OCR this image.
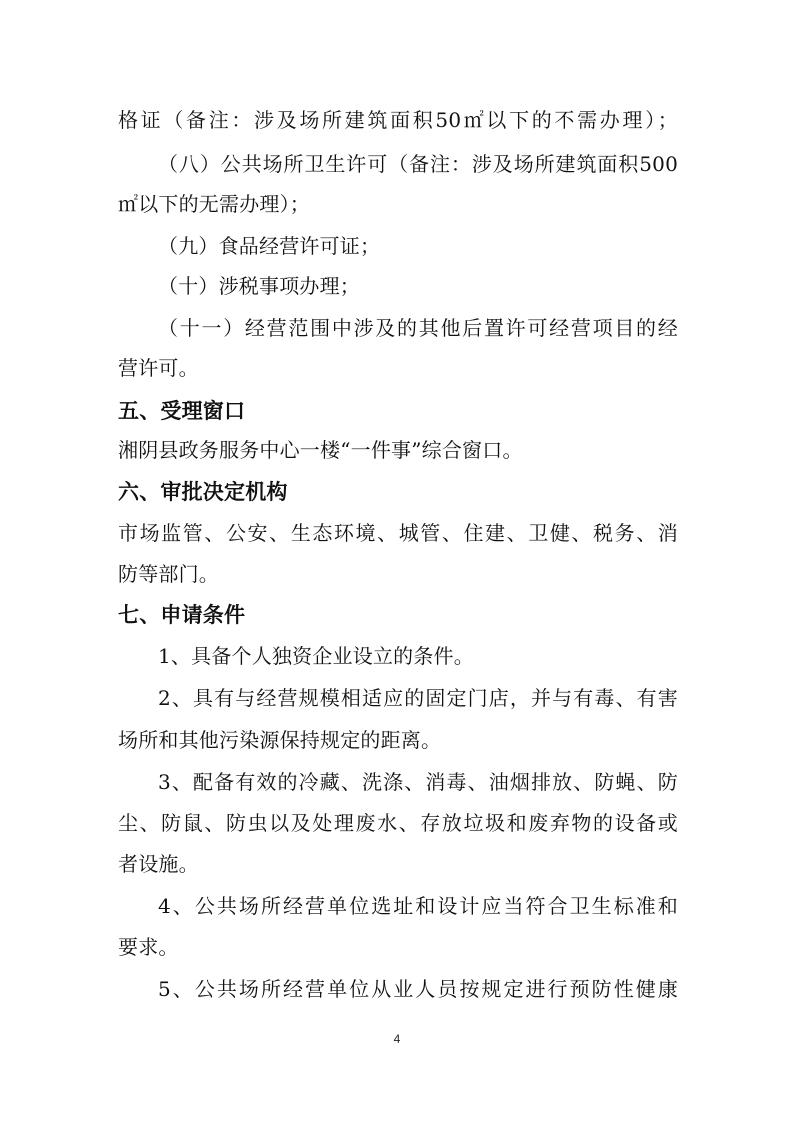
格证（备注：涉及场所建筑面积50㎡以下的不需办理）；
（八）公共场所卫生许可（备注：涉及场所建筑面积500
㎡以下的无需办理）；
（九）食品经营许可证；
（十）涉税事项办理；
（十一）经营范围中涉及的其他后置许可经营项目的经
营许可。
五、受理窗口
湘阴县政务服务中心一楼“一件事”综合窗口。
六、审批决定机构
市场监管、公安、生态环境、城管、住建、卫健、税务、消
防等部门。
七、申请条件
1、具备个人独资企业设立的条件。
2、具有与经营规模相适应的固定门店，并与有毒、有害
场所和其他污染源保持规定的距离。
3、配备有效的冷藏、洗涤、消毒、油烟排放、防蝇、防
尘、防鼠、防虫以及处理废水、存放垃圾和废弃物的设备或
者设施。
4、公共场所经营单位选址和设计应当符合卫生标准和
要求。
5、公共场所经营单位从业人员按规定进行预防性健康
4
